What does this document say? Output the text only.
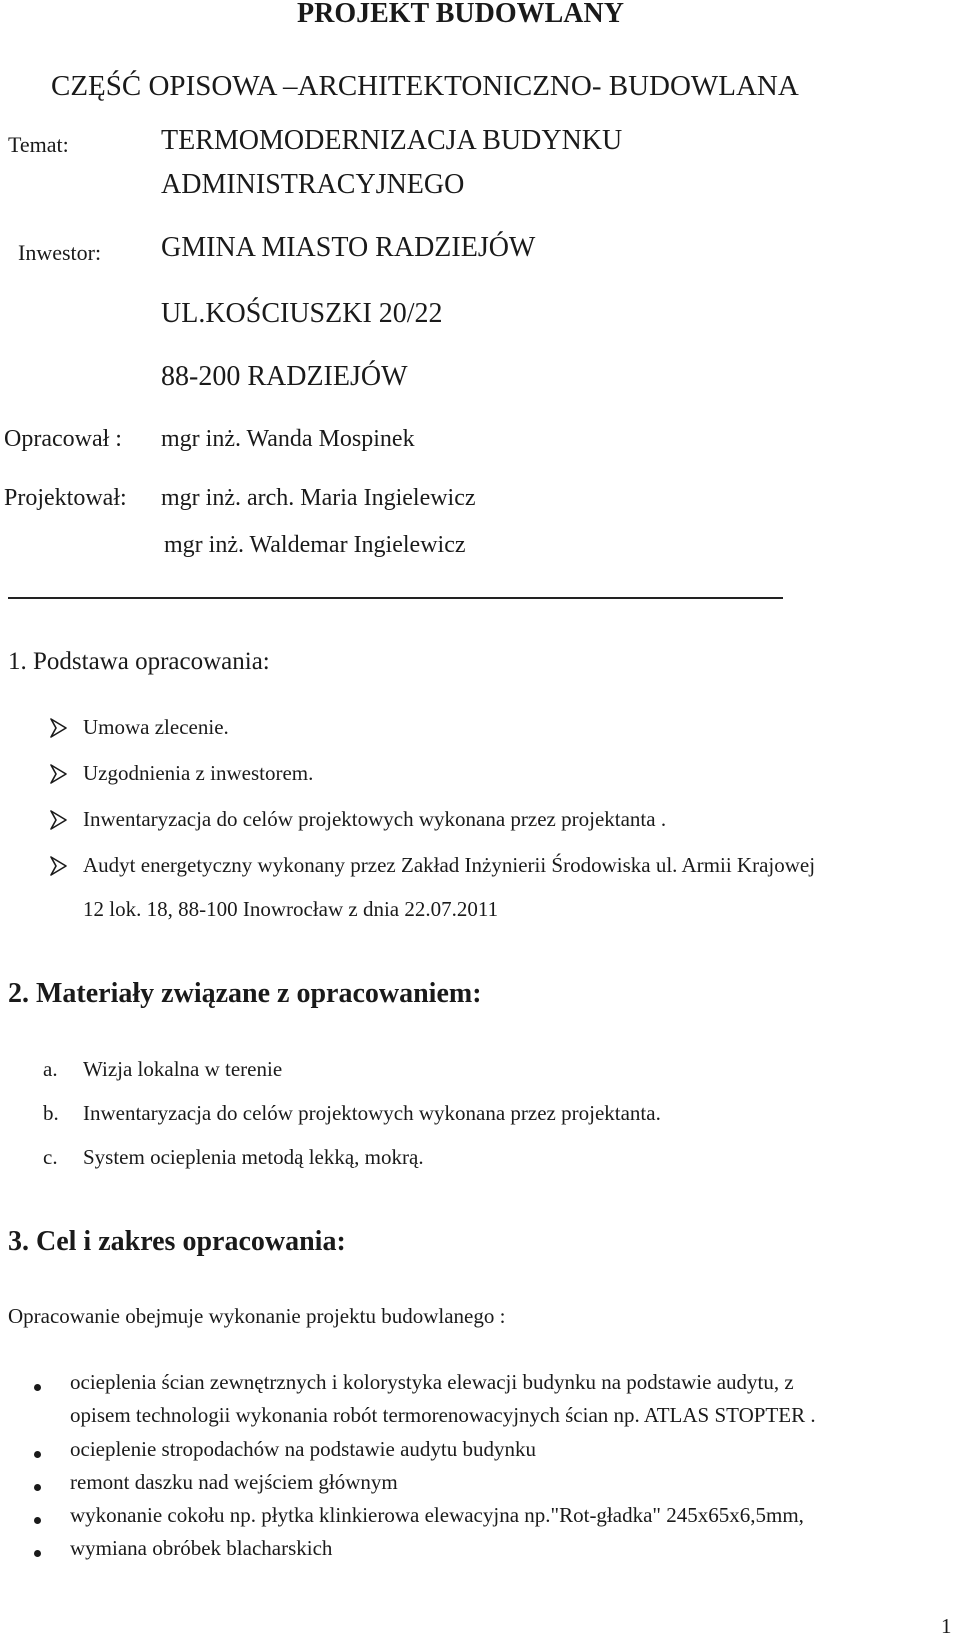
PROJEKT BUDOWLANY
CZĘŚĆ OPISOWA –ARCHITEKTONICZNO- BUDOWLANA
Temat:	TERMOMODERNIZACJA BUDYNKU
ADMINISTRACYJNEGO
Inwestor: GMINA MIASTO RADZIEJÓW
UL.KOŚCIUSZKI 20/22
88-200 RADZIEJÓW
Opracował : mgr inż. Wanda Mospinek
Projektował: mgr inż. arch. Maria Ingielewicz
mgr inż. Waldemar Ingielewicz
1. Podstawa opracowania:
Umowa zlecenie.
Uzgodnienia z inwestorem.
Inwentaryzacja do celów projektowych wykonana przez projektanta .
Audyt energetyczny wykonany przez Zakład Inżynierii Środowiska ul. Armii Krajowej
12 lok. 18, 88-100 Inowrocław z dnia 22.07.2011
2. Materiały związane z opracowaniem:
a. Wizja lokalna w terenie
b. Inwentaryzacja do celów projektowych wykonana przez projektanta.
c. System ocieplenia metodą lekką, mokrą.
3. Cel i zakres opracowania:
Opracowanie obejmuje wykonanie projektu budowlanego :
ocieplenia ścian zewnętrznych i kolorystyka elewacji budynku na podstawie audytu, z
opisem technologii wykonania robót termorenowacyjnych ścian np. ATLAS STOPTER .
ocieplenie stropodachów na podstawie audytu budynku
remont daszku nad wejściem głównym
wykonanie cokołu np. płytka klinkierowa elewacyjna np."Rot-gładka" 245x65x6,5mm,
wymiana obróbek blacharskich
1
